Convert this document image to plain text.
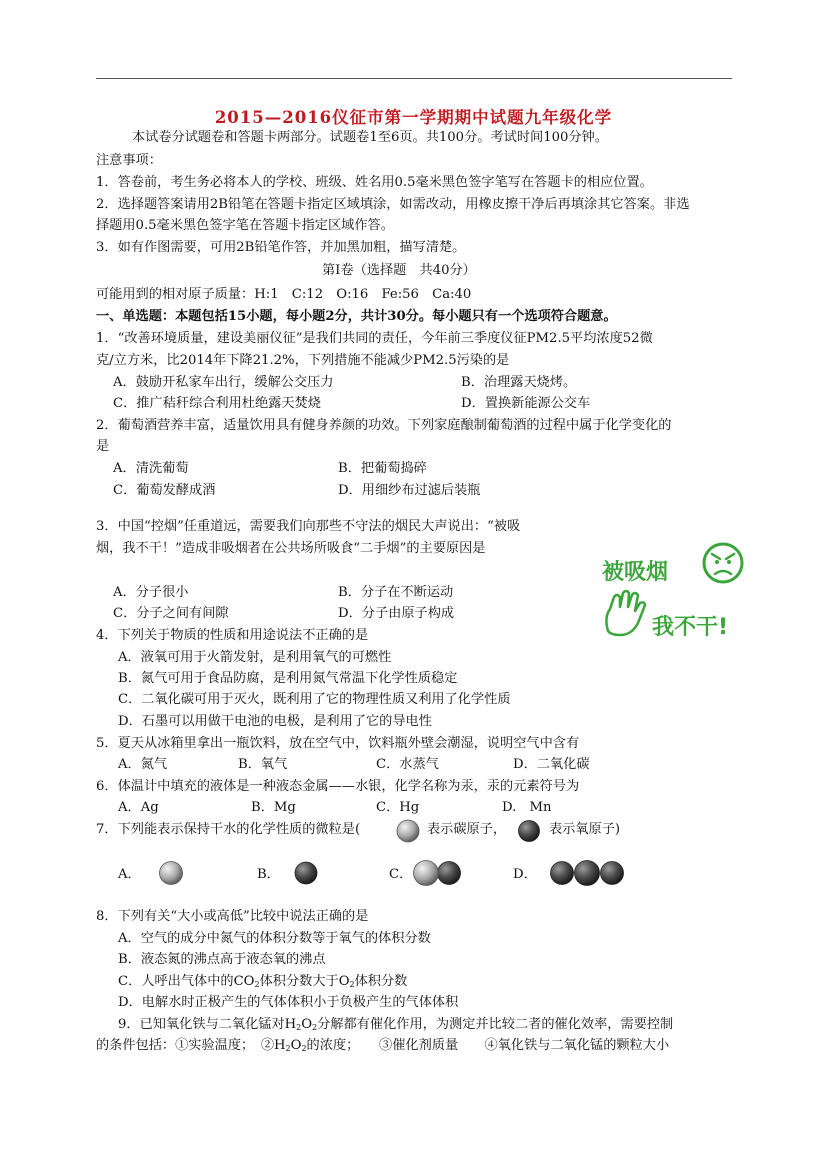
2015—2016仪征市第一学期期中试题九年级化学
本试卷分试题卷和答题卡两部分。试题卷1至6页。共100分。考试时间100分钟。
注意事项：
1．答卷前，考生务必将本人的学校、班级、姓名用0.5毫米黑色签字笔写在答题卡的相应位置。
2．选择题答案请用2B铅笔在答题卡指定区域填涂，如需改动，用橡皮擦干净后再填涂其它答案。非选
择题用0.5毫米黑色签字笔在答题卡指定区域作答。
3．如有作图需要，可用2B铅笔作答，并加黑加粗，描写清楚。
第Ⅰ卷（选择题　共40分）
可能用到的相对原子质量：H:1　C:12　O:16　Fe:56　Ca:40
一、单选题：本题包括15小题，每小题2分，共计30分。每小题只有一个选项符合题意。
1．“改善环境质量，建设美丽仪征”是我们共同的责任，今年前三季度仪征PM2.5平均浓度52微
克/立方米，比2014年下降21.2%，下列措施不能减少PM2.5污染的是
A．鼓励开私家车出行，缓解公交压力	B．治理露天烧烤。
C．推广秸秆综合利用杜绝露天焚烧	D．置换新能源公交车
2．葡萄酒营养丰富，适量饮用具有健身养颜的功效。下列家庭酿制葡萄酒的过程中属于化学变化的
是
A．清洗葡萄	B．把葡萄捣碎
C．葡萄发酵成酒	D．用细纱布过滤后装瓶
3．中国“控烟”任重道远，需要我们向那些不守法的烟民大声说出：“被吸
烟，我不干！”造成非吸烟者在公共场所吸食“二手烟”的主要原因是
A．分子很小	B．分子在不断运动
C．分子之间有间隙	D．分子由原子构成
被吸烟
我不干!
4．下列关于物质的性质和用途说法不正确的是
A．液氧可用于火箭发射，是利用氧气的可燃性
B．氮气可用于食品防腐，是利用氮气常温下化学性质稳定
C．二氧化碳可用于灭火，既利用了它的物理性质又利用了化学性质
D．石墨可以用做干电池的电极，是利用了它的导电性
5．夏天从冰箱里拿出一瓶饮料，放在空气中，饮料瓶外壁会潮湿，说明空气中含有
A．氮气	B．氧气	C．水蒸气	D．二氧化碳
6．体温计中填充的液体是一种液态金属——水银，化学名称为汞，汞的元素符号为
A．Ag	B．Mg	C．Hg	D.　Mn
7．下列能表示保持干水的化学性质的微粒是(	表示碳原子，	表示氧原子)
A．	B．	C．	D．
8．下列有关“大小或高低”比较中说法正确的是
A．空气的成分中氮气的体积分数等于氧气的体积分数
B．液态氮的沸点高于液态氧的沸点
C．人呼出气体中的$CO_2$体积分数大于$O_2$体积分数
D．电解水时正极产生的气体体积小于负极产生的气体体积
9．已知氧化铁与二氧化锰对$H_2O_2$分解都有催化作用，为测定并比较二者的催化效率，需要控制
的条件包括：①实验温度；　$②H_2O_2$的浓度；　　③催化剂质量　　④氧化铁与二氧化锰的颗粒大小
